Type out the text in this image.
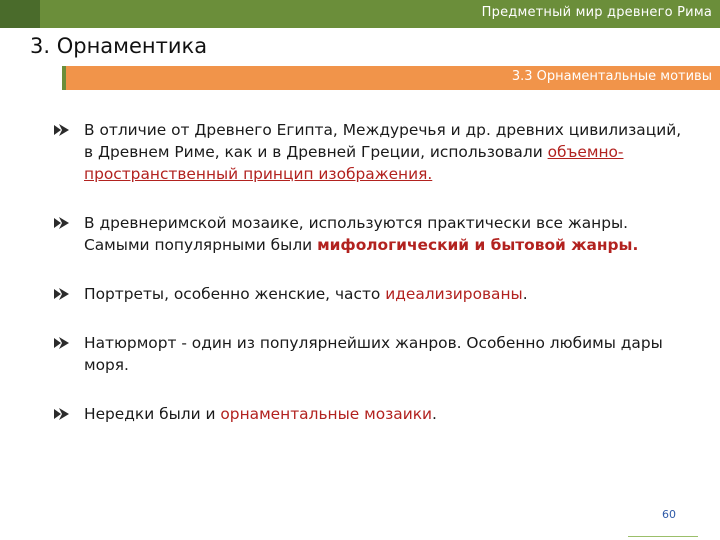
Предметный мир древнего Рима
3. Орнаментика
3.3 Орнаментальные мотивы
В отличие от Древнего Египта, Междуречья и др. древних цивилизаций, в Древнем Риме, как и в Древней Греции, использовали объемно-пространственный принцип изображения.
В древнеримской мозаике, используются практически все жанры. Самыми популярными были мифологический и бытовой жанры.
Портреты, особенно женские, часто идеализированы.
Натюрморт - один из популярнейших жанров. Особенно любимы дары моря.
Нередки были и орнаментальные мозаики.
60
